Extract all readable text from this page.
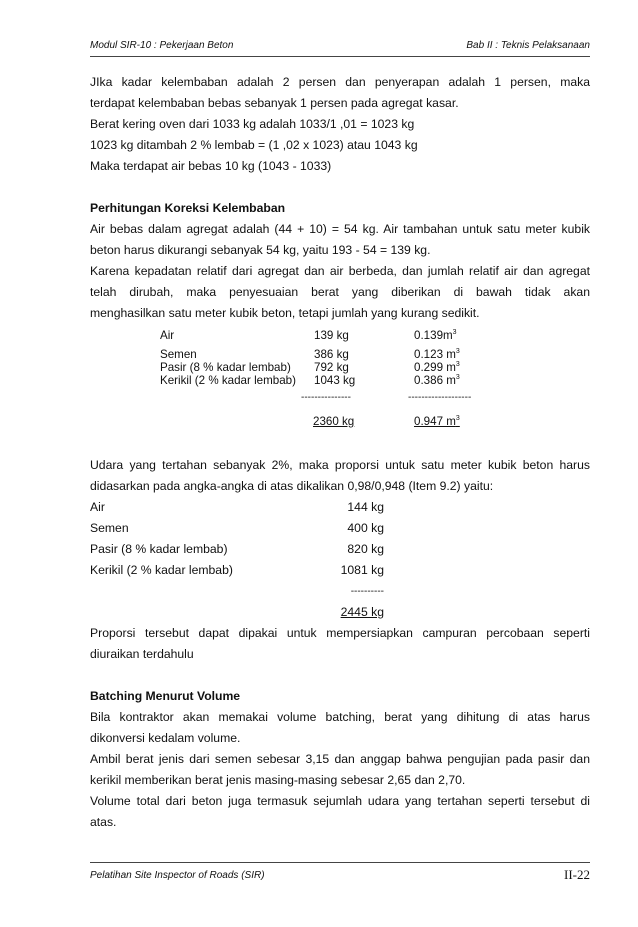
Modul SIR-10 : Pekerjaan Beton	Bab II : Teknis Pelaksanaan

JIka kadar kelembaban adalah 2 persen dan penyerapan adalah 1 persen, maka

terdapat kelembaban bebas sebanyak 1 persen pada agregat kasar.

Berat kering oven dari 1033 kg adalah 1033/1 ,01 = 1023 kg

1023 kg ditambah 2 % lembab = (1 ,02 x 1023) atau 1043 kg

Maka terdapat air bebas 10 kg (1043 - 1033)

Perhitungan Koreksi Kelembaban

Air bebas dalam agregat adalah (44 + 10) = 54 kg. Air tambahan untuk satu meter kubik

beton harus dikurangi sebanyak 54 kg, yaitu 193 - 54 = 139 kg.

Karena kepadatan relatif dari agregat dan air berbeda, dan jumlah relatif air dan agregat

telah dirubah, maka penyesuaian berat yang diberikan di bawah tidak akan

menghasilkan satu meter kubik beton, tetapi jumlah yang kurang sedikit.

Air	139 kg	$0.139m^3$
Semen	386 kg	0.123 $m^3$
Pasir (8 % kadar lembab) 792 kg	0.299 $m^3$
Kerikil (2 % kadar lembab) 1043 kg	0.386 $m^3$
---------------	-------------------
2360 kg	0.947 $m^3$

Udara yang tertahan sebanyak 2%, maka proporsi untuk satu meter kubik beton harus

didasarkan pada angka-angka di atas dikalikan 0,98/0,948 (Item 9.2) yaitu:

Air	144 kg
Semen	400 kg
Pasir (8 % kadar lembab)	820 kg
Kerikil (2 % kadar lembab)	1081 kg
----------
2445 kg

Proporsi tersebut dapat dipakai untuk mempersiapkan campuran percobaan seperti

diuraikan terdahulu

Batching Menurut Volume

Bila kontraktor akan memakai volume batching, berat yang dihitung di atas harus

dikonversi kedalam volume.

Ambil berat jenis dari semen sebesar 3,15 dan anggap bahwa pengujian pada pasir dan

kerikil memberikan berat jenis masing-masing sebesar 2,65 dan 2,70.

Volume total dari beton juga termasuk sejumlah udara yang tertahan seperti tersebut di

atas.

Pelatihan Site Inspector of Roads (SIR)	II-22
